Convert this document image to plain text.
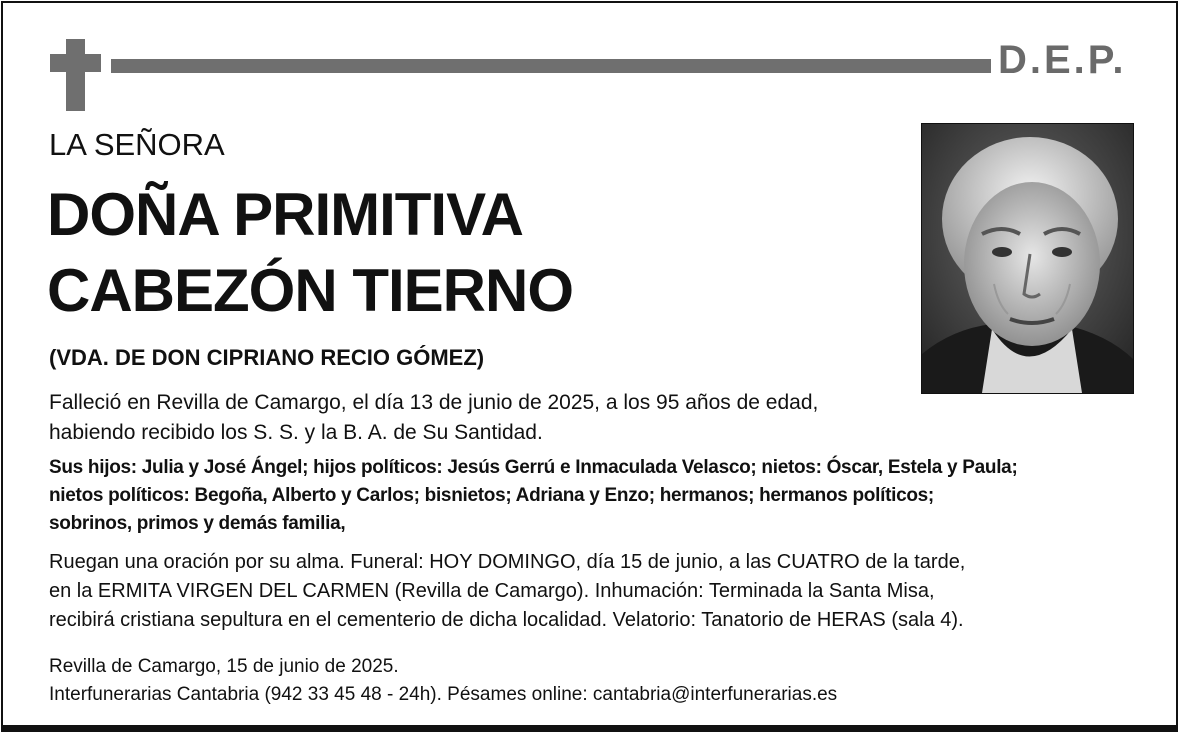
D.E.P.
LA SEÑORA
DOÑA PRIMITIVA
CABEZÓN TIERNO
(VDA. DE DON CIPRIANO RECIO GÓMEZ)
Falleció en Revilla de Camargo, el día 13 de junio de 2025, a los 95 años de edad,
habiendo recibido los S. S. y la B. A. de Su Santidad.
Sus hijos: Julia y José Ángel; hijos políticos: Jesús Gerrú e Inmaculada Velasco; nietos: Óscar, Estela y Paula;
nietos políticos: Begoña, Alberto y Carlos; bisnietos; Adriana y Enzo; hermanos; hermanos políticos;
sobrinos, primos y demás familia,
Ruegan una oración por su alma. Funeral: HOY DOMINGO, día 15 de junio, a las CUATRO de la tarde,
en la ERMITA VIRGEN DEL CARMEN (Revilla de Camargo). Inhumación: Terminada la Santa Misa,
recibirá cristiana sepultura en el cementerio de dicha localidad. Velatorio: Tanatorio de HERAS (sala 4).
Revilla de Camargo, 15 de junio de 2025.
Interfunerarias Cantabria (942 33 45 48 - 24h). Pésames online: cantabria@interfunerarias.es
